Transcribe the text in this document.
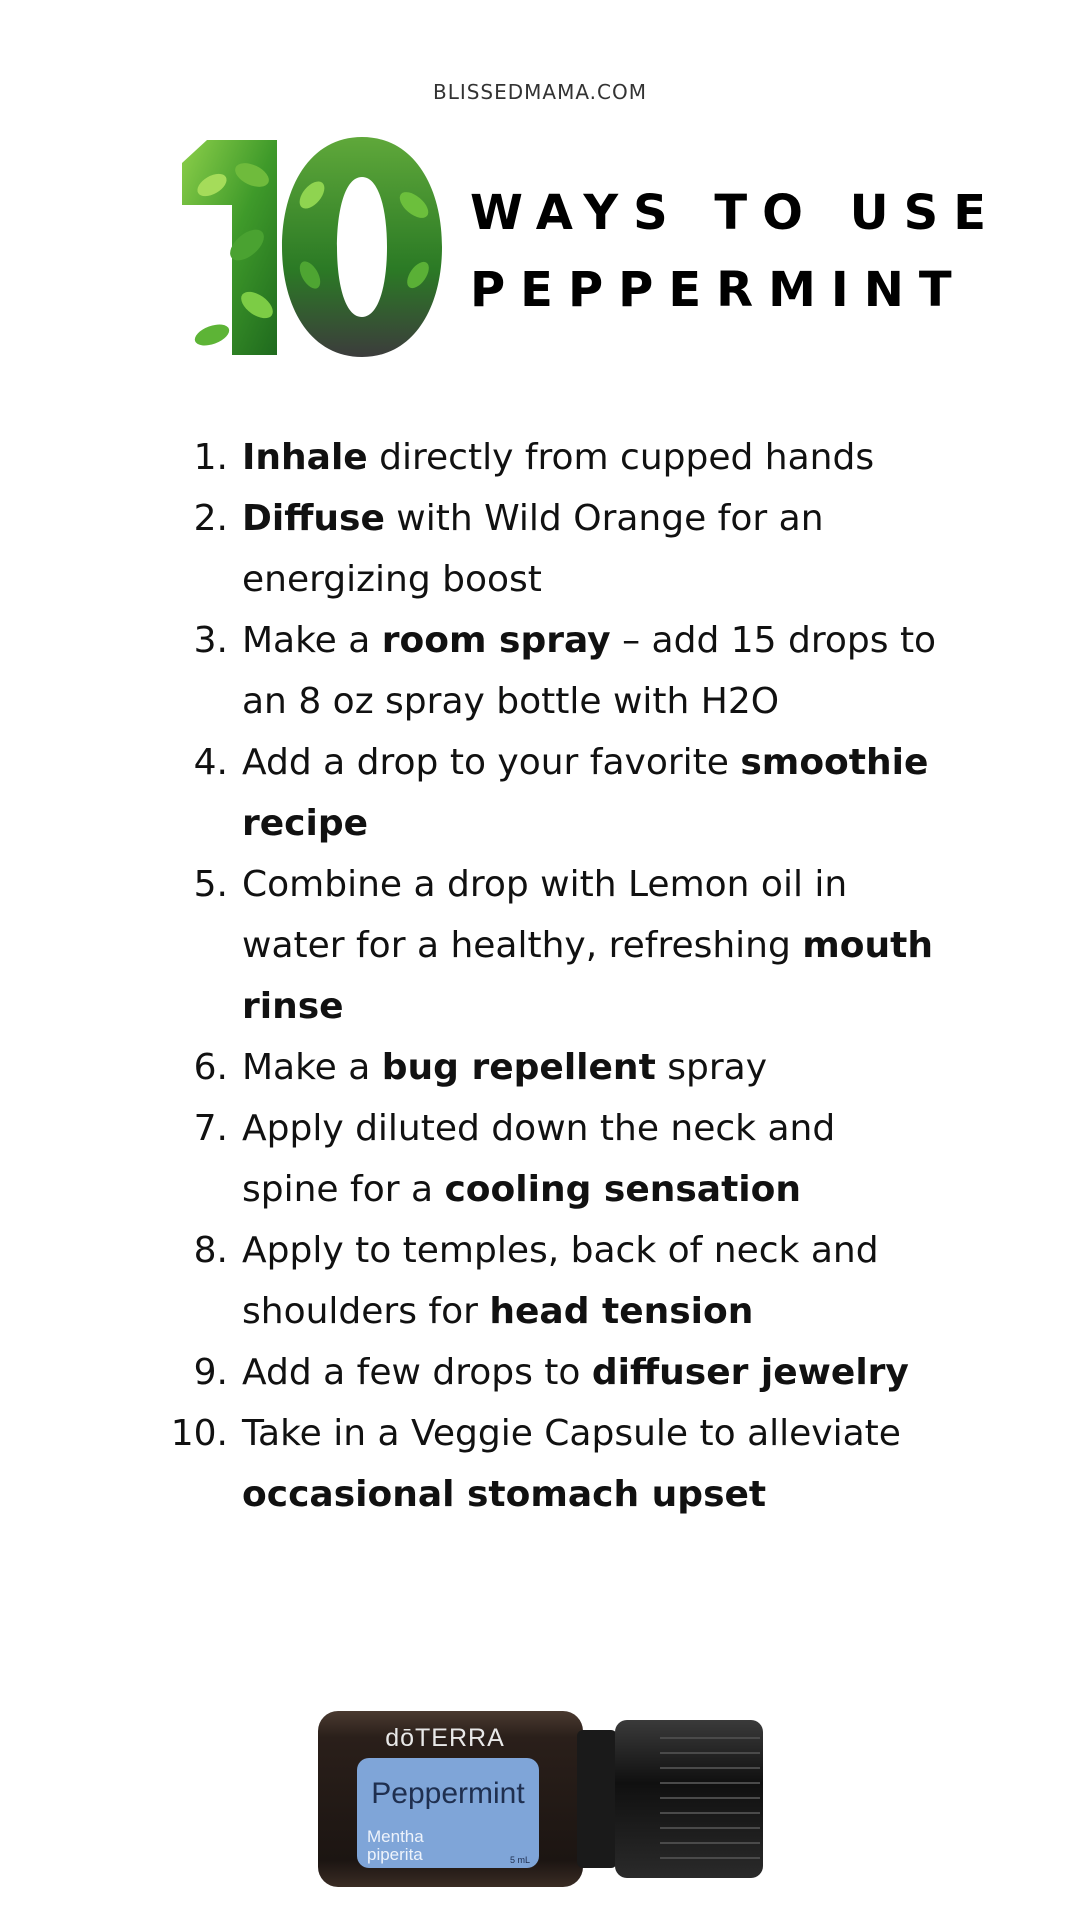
BLISSEDMAMA.COM
WAYS TO USE
PEPPERMINT
1. Inhale directly from cupped hands
2. Diffuse with Wild Orange for an energizing boost
3. Make a room spray – add 15 drops to an 8 oz spray bottle with H2O
4. Add a drop to your favorite smoothie recipe
5. Combine a drop with Lemon oil in water for a healthy, refreshing mouth rinse
6. Make a bug repellent spray
7. Apply diluted down the neck and spine for a cooling sensation
8. Apply to temples, back of neck and shoulders for head tension
9. Add a few drops to diffuser jewelry
10. Take in a Veggie Capsule to alleviate occasional stomach upset
dōTERRA
Peppermint
Mentha
piperita	5 mL
